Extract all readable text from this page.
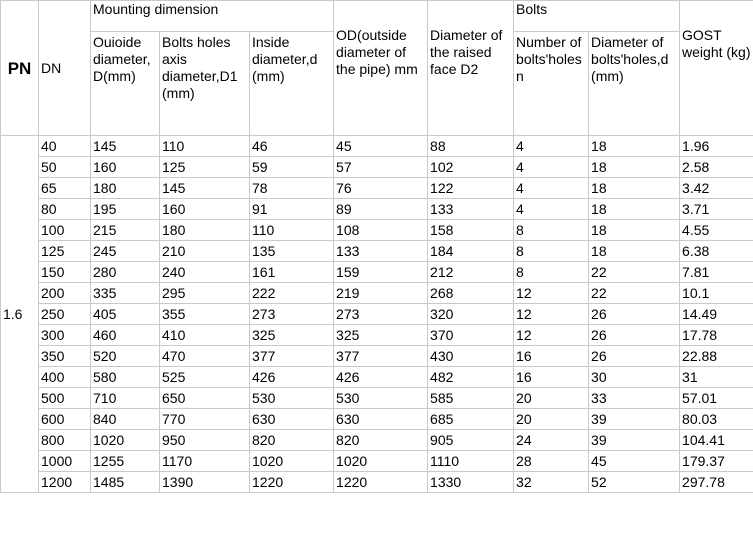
PN	DN	Mounting dimension			OD(outside diameter of the pipe) mm	Diameter of the raised face D2	Bolts		GOST weight (kg)
		Ouioide diameter, D(mm)	Bolts holes axis diameter,D1 (mm)	Inside diameter,d (mm)			Number of bolts'holes n	Diameter of bolts'holes,d (mm)	
1.6	40	145	110	46	45	88	4	18	1.96
	50	160	125	59	57	102	4	18	2.58
	65	180	145	78	76	122	4	18	3.42
	80	195	160	91	89	133	4	18	3.71
	100	215	180	110	108	158	8	18	4.55
	125	245	210	135	133	184	8	18	6.38
	150	280	240	161	159	212	8	22	7.81
	200	335	295	222	219	268	12	22	10.1
	250	405	355	273	273	320	12	26	14.49
	300	460	410	325	325	370	12	26	17.78
	350	520	470	377	377	430	16	26	22.88
	400	580	525	426	426	482	16	30	31
	500	710	650	530	530	585	20	33	57.01
	600	840	770	630	630	685	20	39	80.03
	800	1020	950	820	820	905	24	39	104.41
	1000	1255	1170	1020	1020	1110	28	45	179.37
	1200	1485	1390	1220	1220	1330	32	52	297.78
